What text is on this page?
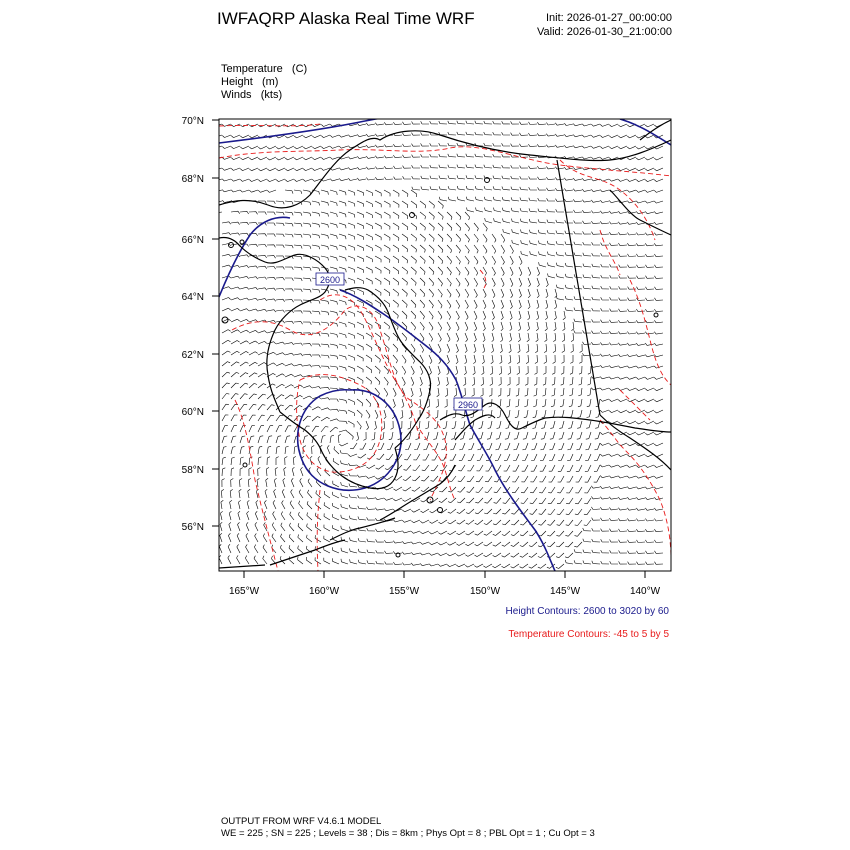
IWFAQRP Alaska Real Time WRF	Init: 2026-01-27_00:00:00
Valid: 2026-01-30_21:00:00
Temperature   (C)
Height   (m)
Winds   (kts)
2600
2960
70°N
68°N
66°N
64°N
62°N
60°N
58°N
56°N
165°W	160°W	155°W	150°W	145°W	140°W
Height Contours: 2600 to 3020 by 60
Temperature Contours: -45 to 5 by 5
OUTPUT FROM WRF V4.6.1 MODEL
WE = 225 ; SN = 225 ; Levels = 38 ; Dis = 8km ; Phys Opt = 8 ; PBL Opt = 1 ; Cu Opt = 3
